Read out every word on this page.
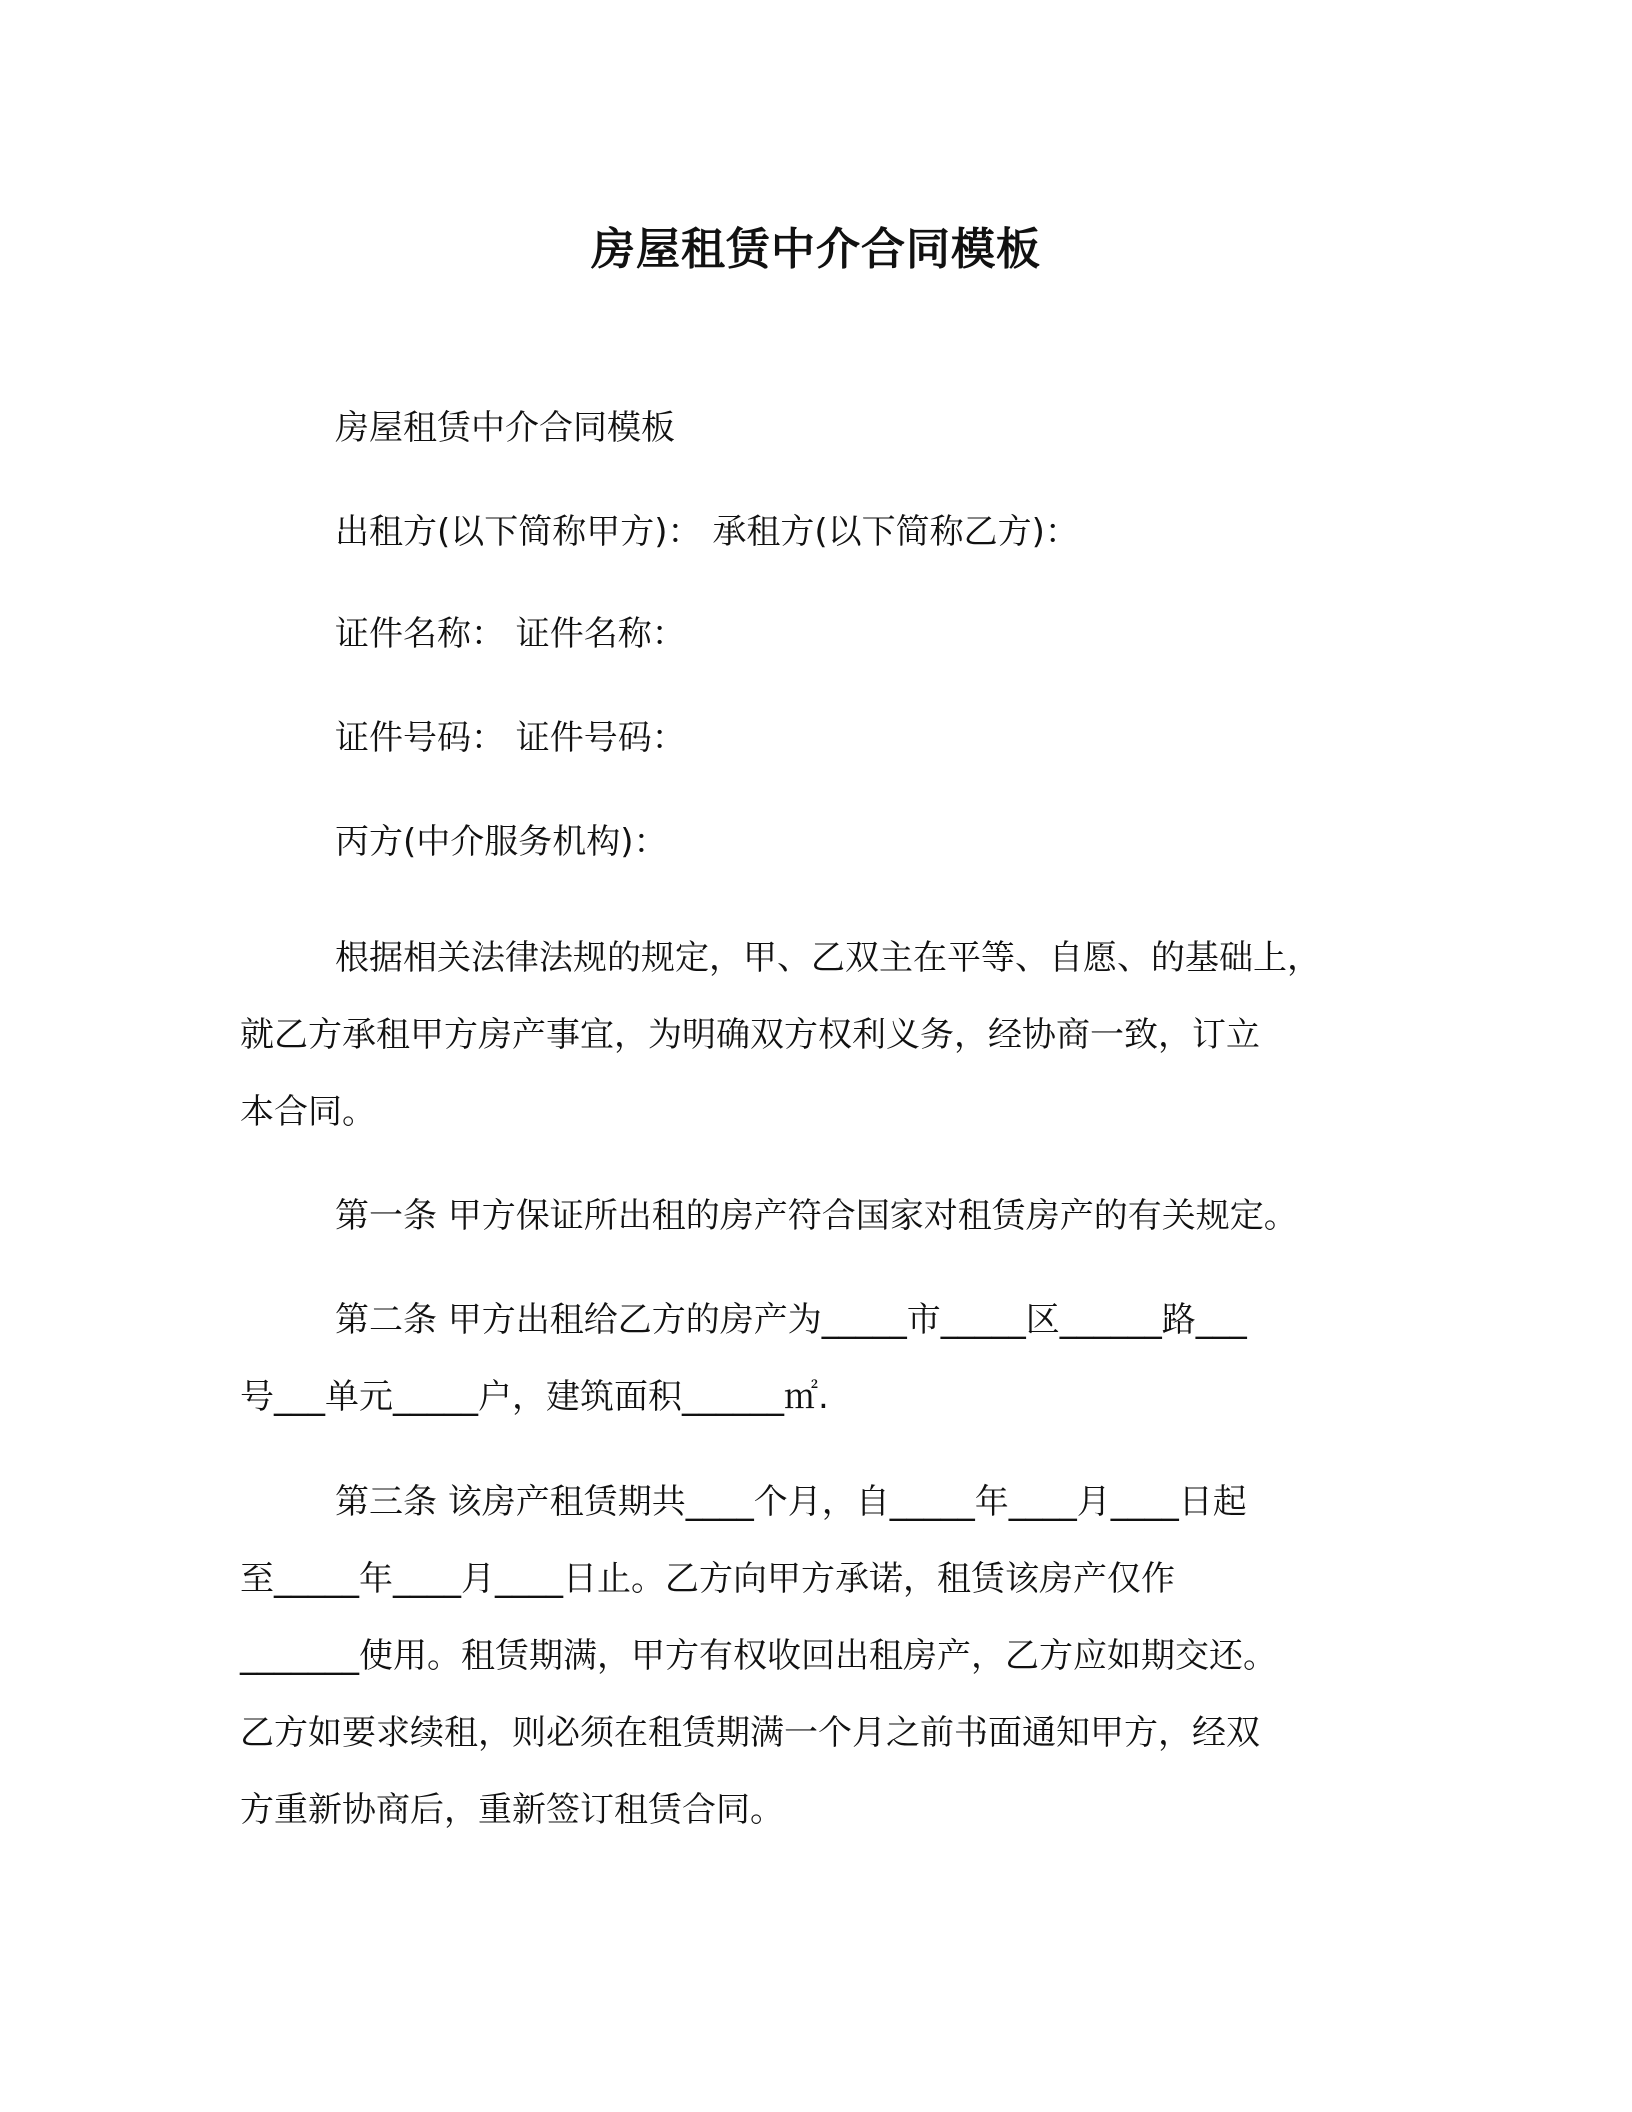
房屋租赁中介合同模板
房屋租赁中介合同模板
出租方(以下简称甲方)： 承租方(以下简称乙方)：
证件名称： 证件名称：
证件号码： 证件号码：
丙方(中介服务机构)：
根据相关法律法规的规定，甲、乙双主在平等、自愿、的基础上，
就乙方承租甲方房产事宜，为明确双方权利义务，经协商一致，订立
本合同。
第一条 甲方保证所出租的房产符合国家对租赁房产的有关规定。
第二条 甲方出租给乙方的房产为_____市_____区______路___
号___单元_____户，建筑面积______㎡.
第三条 该房产租赁期共____个月，自_____年____月____日起
至_____年____月____日止。乙方向甲方承诺，租赁该房产仅作
_______使用。租赁期满，甲方有权收回出租房产，乙方应如期交还。
乙方如要求续租，则必须在租赁期满一个月之前书面通知甲方，经双
方重新协商后，重新签订租赁合同。
